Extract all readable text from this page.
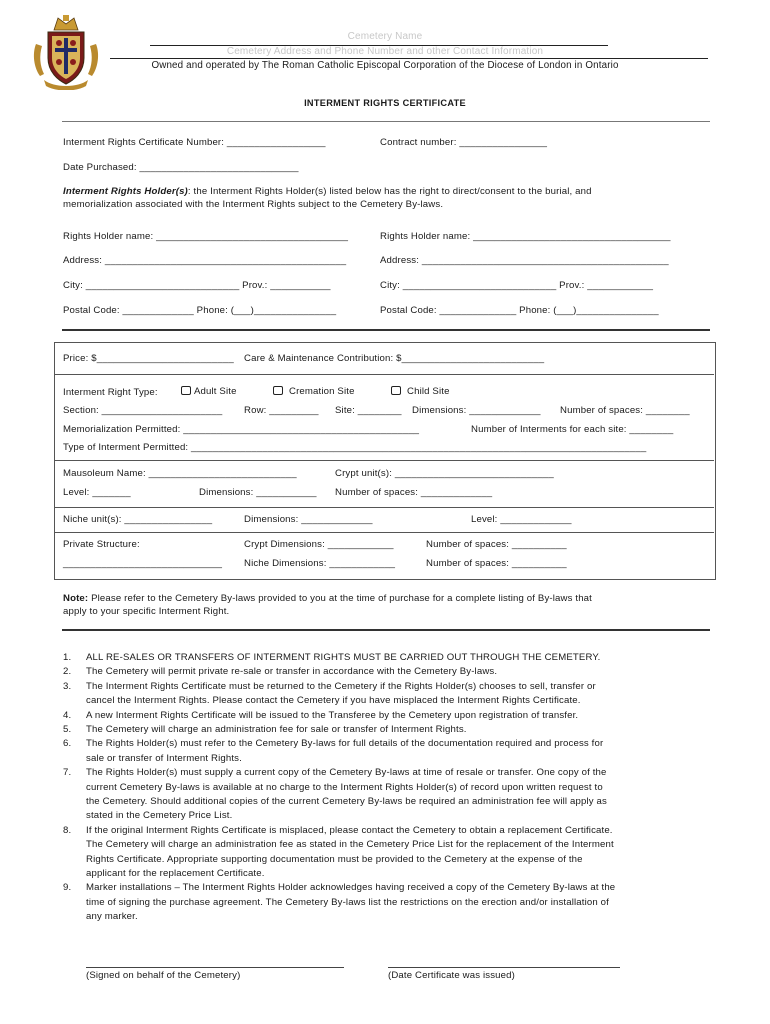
Cemetery Name
Cemetery Address and Phone Number and other Contact Information
Owned and operated by The Roman Catholic Episcopal Corporation of the Diocese of London in Ontario
INTERMENT RIGHTS CERTIFICATE
Interment Rights Certificate Number: __________________	Contract number: ________________
Date Purchased: _____________________________
Interment Rights Holder(s): the Interment Rights Holder(s) listed below has the right to direct/consent to the burial, and
memorialization associated with the Interment Rights subject to the Cemetery By-laws.
Rights Holder name: ___________________________________	Rights Holder name: ____________________________________
Address: ____________________________________________	Address: _____________________________________________
City: ____________________________ Prov.: ___________	City: ____________________________ Prov.: ____________
Postal Code: _____________ Phone: (___)_______________	Postal Code: ______________ Phone: (___)_______________
Price: $_________________________ Care & Maintenance Contribution: $__________________________
Interment Right Type:	Adult Site	Cremation Site	Child Site
Section: ______________________ Row: _________ Site: ________ Dimensions: _____________ Number of spaces: ________
Memorialization Permitted: ___________________________________________	Number of Interments for each site: ________
Type of Interment Permitted: ___________________________________________________________________________________
Mausoleum Name: ___________________________	Crypt unit(s): _____________________________
Level: _______	Dimensions: ___________ Number of spaces: _____________
Niche unit(s): ________________	Dimensions: _____________	Level: _____________
Private Structure:	Crypt Dimensions: ____________	Number of spaces: __________
_____________________________ Niche Dimensions: ____________	Number of spaces: __________
Note: Please refer to the Cemetery By-laws provided to you at the time of purchase for a complete listing of By-laws that
apply to your specific Interment Right.
1. ALL RE-SALES OR TRANSFERS OF INTERMENT RIGHTS MUST BE CARRIED OUT THROUGH THE CEMETERY.
2. The Cemetery will permit private re-sale or transfer in accordance with the Cemetery By-laws.
3. The Interment Rights Certificate must be returned to the Cemetery if the Rights Holder(s) chooses to sell, transfer or
cancel the Interment Rights. Please contact the Cemetery if you have misplaced the Interment Rights Certificate.
4. A new Interment Rights Certificate will be issued to the Transferee by the Cemetery upon registration of transfer.
5. The Cemetery will charge an administration fee for sale or transfer of Interment Rights.
6. The Rights Holder(s) must refer to the Cemetery By-laws for full details of the documentation required and process for
sale or transfer of Interment Rights.
7. The Rights Holder(s) must supply a current copy of the Cemetery By-laws at time of resale or transfer. One copy of the
current Cemetery By-laws is available at no charge to the Interment Rights Holder(s) of record upon written request to
the Cemetery. Should additional copies of the current Cemetery By-laws be required an administration fee will apply as
stated in the Cemetery Price List.
8. If the original Interment Rights Certificate is misplaced, please contact the Cemetery to obtain a replacement Certificate.
The Cemetery will charge an administration fee as stated in the Cemetery Price List for the replacement of the Interment
Rights Certificate. Appropriate supporting documentation must be provided to the Cemetery at the expense of the
applicant for the replacement Certificate.
9. Marker installations – The Interment Rights Holder acknowledges having received a copy of the Cemetery By-laws at the
time of signing the purchase agreement. The Cemetery By-laws list the restrictions on the erection and/or installation of
any marker.
(Signed on behalf of the Cemetery)	(Date Certificate was issued)
